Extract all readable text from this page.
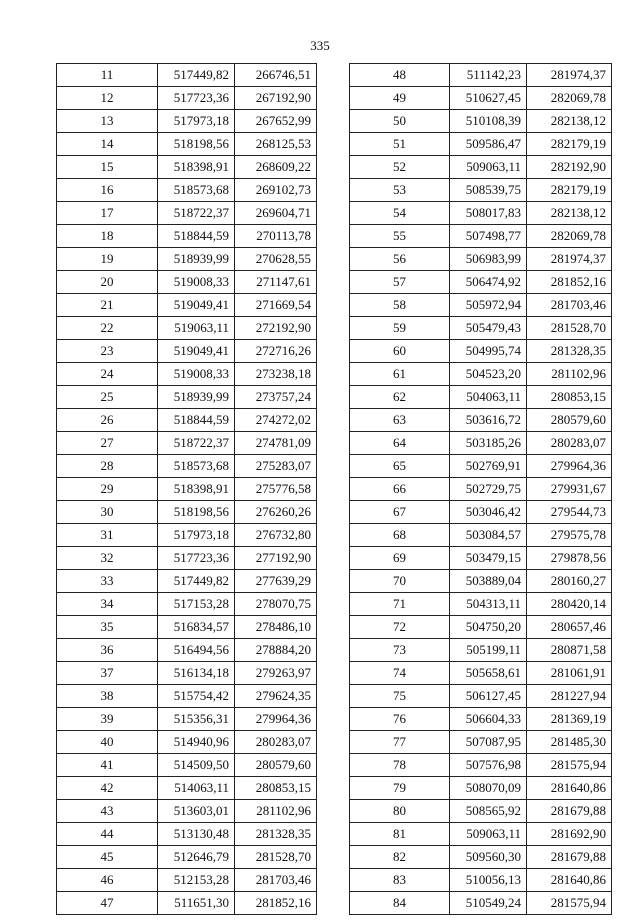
335
11	517449,82	266746,51
12	517723,36	267192,90
13	517973,18	267652,99
14	518198,56	268125,53
15	518398,91	268609,22
16	518573,68	269102,73
17	518722,37	269604,71
18	518844,59	270113,78
19	518939,99	270628,55
20	519008,33	271147,61
21	519049,41	271669,54
22	519063,11	272192,90
23	519049,41	272716,26
24	519008,33	273238,18
25	518939,99	273757,24
26	518844,59	274272,02
27	518722,37	274781,09
28	518573,68	275283,07
29	518398,91	275776,58
30	518198,56	276260,26
31	517973,18	276732,80
32	517723,36	277192,90
33	517449,82	277639,29
34	517153,28	278070,75
35	516834,57	278486,10
36	516494,56	278884,20
37	516134,18	279263,97
38	515754,42	279624,35
39	515356,31	279964,36
40	514940,96	280283,07
41	514509,50	280579,60
42	514063,11	280853,15
43	513603,01	281102,96
44	513130,48	281328,35
45	512646,79	281528,70
46	512153,28	281703,46
47	511651,30	281852,16
48	511142,23	281974,37
49	510627,45	282069,78
50	510108,39	282138,12
51	509586,47	282179,19
52	509063,11	282192,90
53	508539,75	282179,19
54	508017,83	282138,12
55	507498,77	282069,78
56	506983,99	281974,37
57	506474,92	281852,16
58	505972,94	281703,46
59	505479,43	281528,70
60	504995,74	281328,35
61	504523,20	281102,96
62	504063,11	280853,15
63	503616,72	280579,60
64	503185,26	280283,07
65	502769,91	279964,36
66	502729,75	279931,67
67	503046,42	279544,73
68	503084,57	279575,78
69	503479,15	279878,56
70	503889,04	280160,27
71	504313,11	280420,14
72	504750,20	280657,46
73	505199,11	280871,58
74	505658,61	281061,91
75	506127,45	281227,94
76	506604,33	281369,19
77	507087,95	281485,30
78	507576,98	281575,94
79	508070,09	281640,86
80	508565,92	281679,88
81	509063,11	281692,90
82	509560,30	281679,88
83	510056,13	281640,86
84	510549,24	281575,94
